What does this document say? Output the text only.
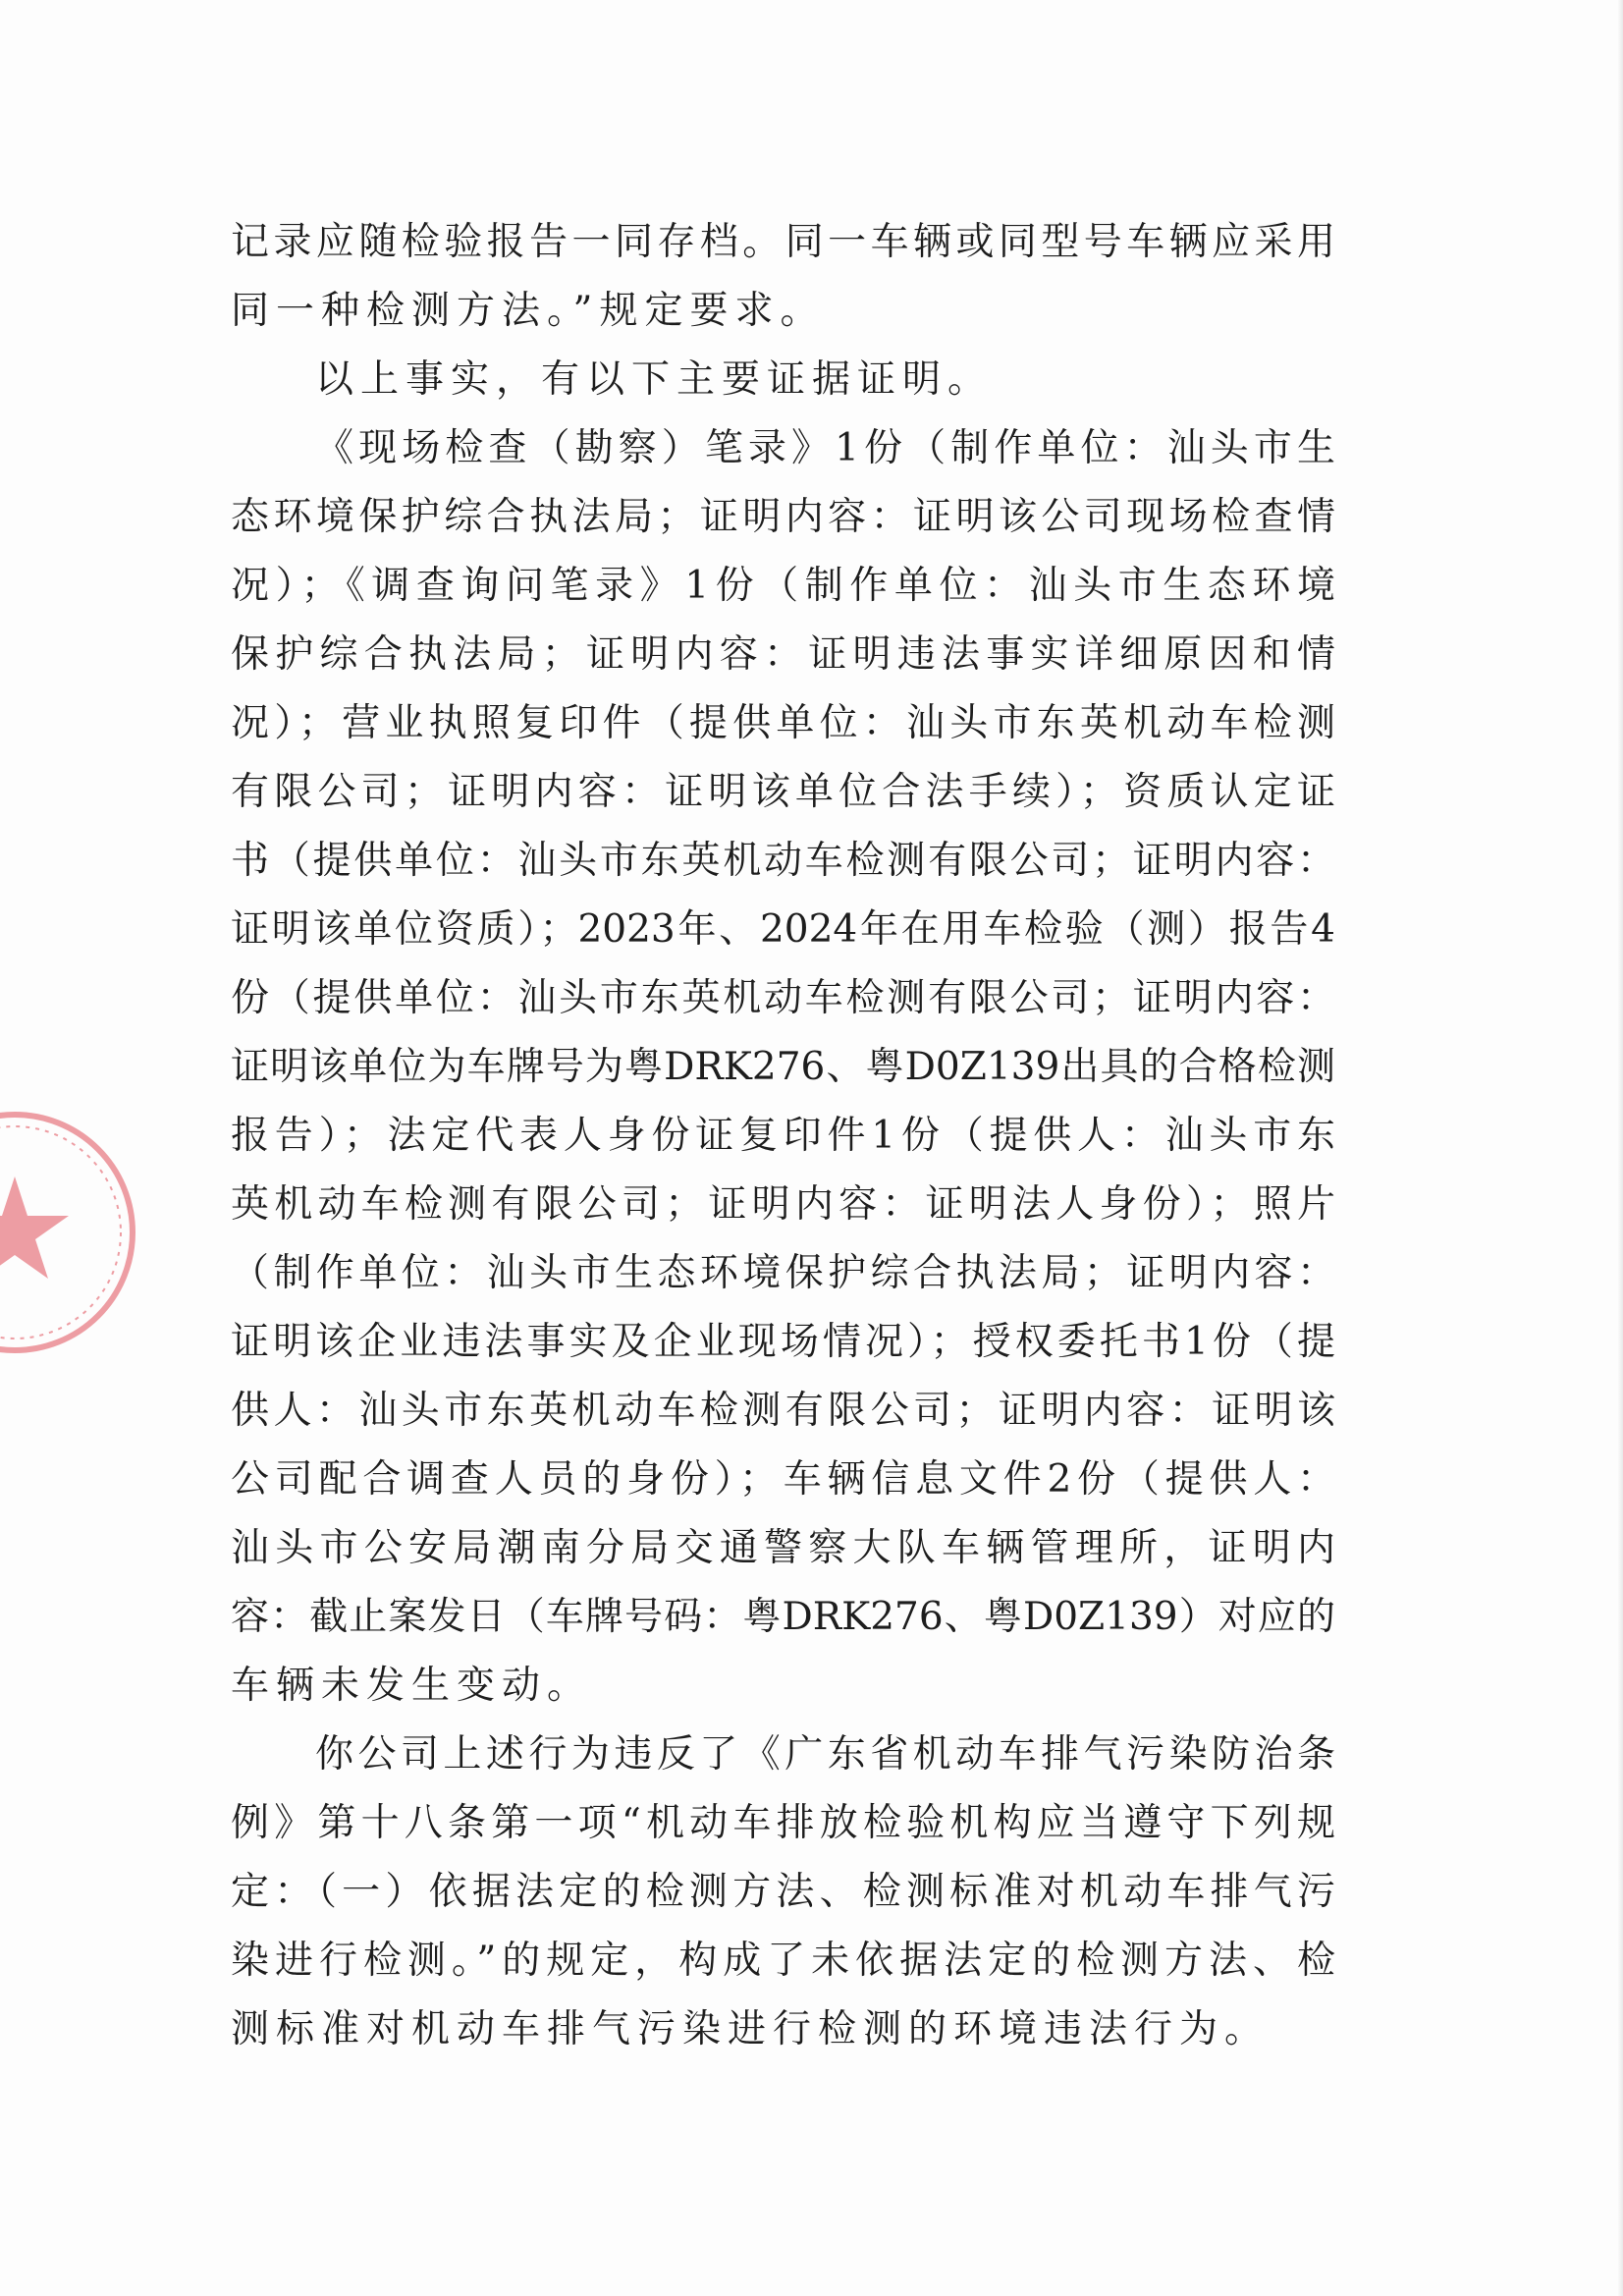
记录应随检验报告一同存档。同一车辆或同型号车辆应采用
同一种检测方法。”规定要求。
以上事实，有以下主要证据证明。
《现场检查（勘察）笔录》1份（制作单位：汕头市生
态环境保护综合执法局；证明内容：证明该公司现场检查情
况）；《调查询问笔录》1份（制作单位：汕头市生态环境
保护综合执法局；证明内容：证明违法事实详细原因和情
况）；营业执照复印件（提供单位：汕头市东英机动车检测
有限公司；证明内容：证明该单位合法手续）；资质认定证
书（提供单位：汕头市东英机动车检测有限公司；证明内容：
证明该单位资质）；2023年、2024年在用车检验（测）报告4
份（提供单位：汕头市东英机动车检测有限公司；证明内容：
证明该单位为车牌号为粤DRK276、粤D0Z139出具的合格检测
报告）；法定代表人身份证复印件1份（提供人：汕头市东
英机动车检测有限公司；证明内容：证明法人身份）；照片
（制作单位：汕头市生态环境保护综合执法局；证明内容：
证明该企业违法事实及企业现场情况）；授权委托书1份（提
供人：汕头市东英机动车检测有限公司；证明内容：证明该
公司配合调查人员的身份）；车辆信息文件2份（提供人：
汕头市公安局潮南分局交通警察大队车辆管理所，证明内
容：截止案发日（车牌号码：粤DRK276、粤D0Z139）对应的
车辆未发生变动。
你公司上述行为违反了《广东省机动车排气污染防治条
例》第十八条第一项“机动车排放检验机构应当遵守下列规
定：（一）依据法定的检测方法、检测标准对机动车排气污
染进行检测。”的规定，构成了未依据法定的检测方法、检
测标准对机动车排气污染进行检测的环境违法行为。
